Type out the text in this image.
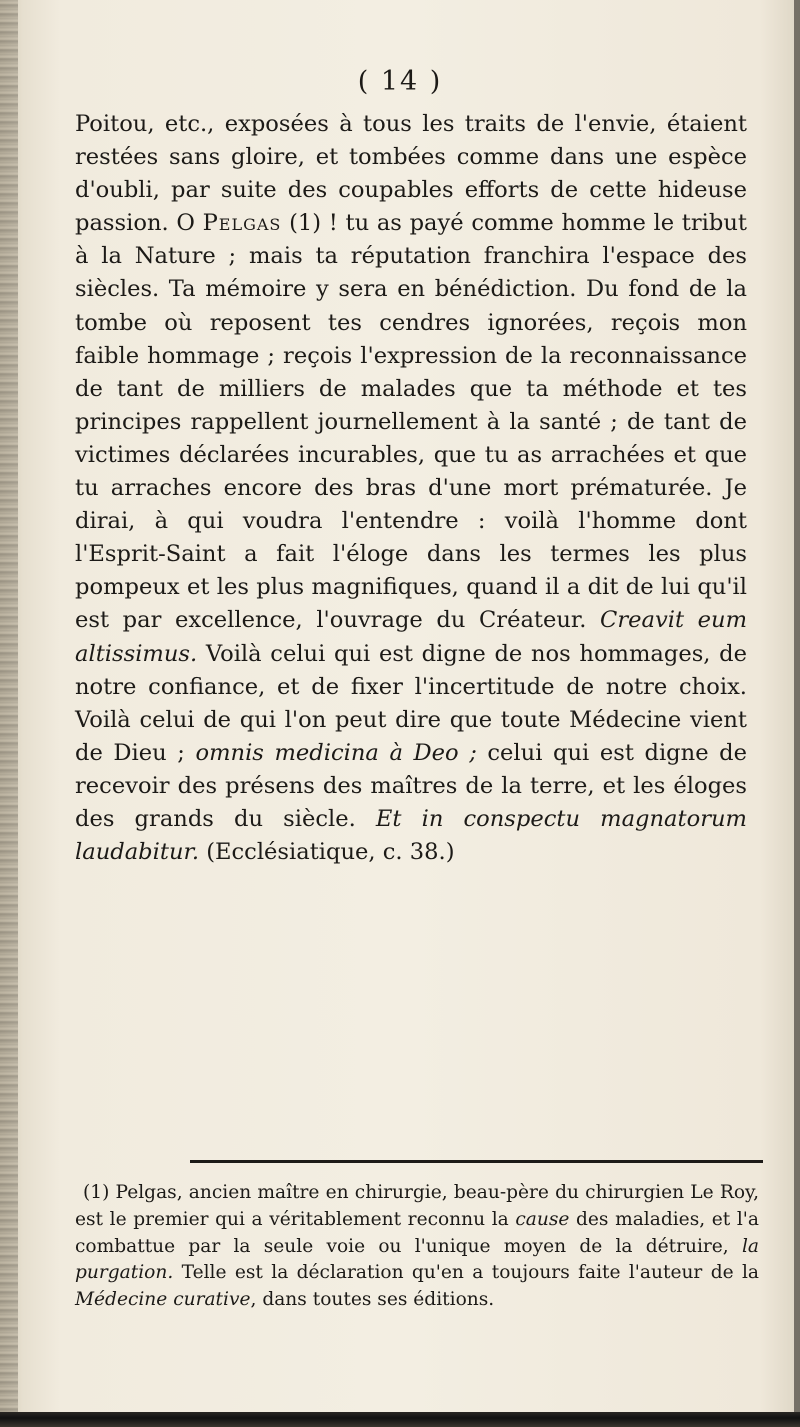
( 14 )

Poitou, etc., exposées à tous les traits de l'envie, étaient restées sans gloire, et tombées comme dans une espèce d'oubli, par suite des coupables efforts de cette hideuse passion. O Pelgas (1) ! tu as payé comme homme le tribut à la Nature ; mais ta réputation franchira l'espace des siècles. Ta mémoire y sera en bénédiction. Du fond de la tombe où reposent tes cendres ignorées, reçois mon faible hommage ; reçois l'expression de la reconnaissance de tant de milliers de malades que ta méthode et tes principes rappellent journellement à la santé ; de tant de victimes déclarées incurables, que tu as arrachées et que tu arraches encore des bras d'une mort prématurée. Je dirai, à qui voudra l'entendre : voilà l'homme dont l'Esprit-Saint a fait l'éloge dans les termes les plus pompeux et les plus magnifiques, quand il a dit de lui qu'il est par excellence, l'ouvrage du Créateur. Creavit eum altissimus. Voilà celui qui est digne de nos hommages, de notre confiance, et de fixer l'incertitude de notre choix. Voilà celui de qui l'on peut dire que toute Médecine vient de Dieu ; omnis medicina à Deo ; celui qui est digne de recevoir des présens des maîtres de la terre, et les éloges des grands du siècle. Et in conspectu magnatorum laudabitur. (Ecclésiatique, c. 38.)

(1) Pelgas, ancien maître en chirurgie, beau-père du chirurgien Le Roy, est le premier qui a véritablement reconnu la cause des maladies, et l'a combattue par la seule voie ou l'unique moyen de la détruire, la purgation. Telle est la déclaration qu'en a toujours faite l'auteur de la Médecine curative, dans toutes ses éditions.
